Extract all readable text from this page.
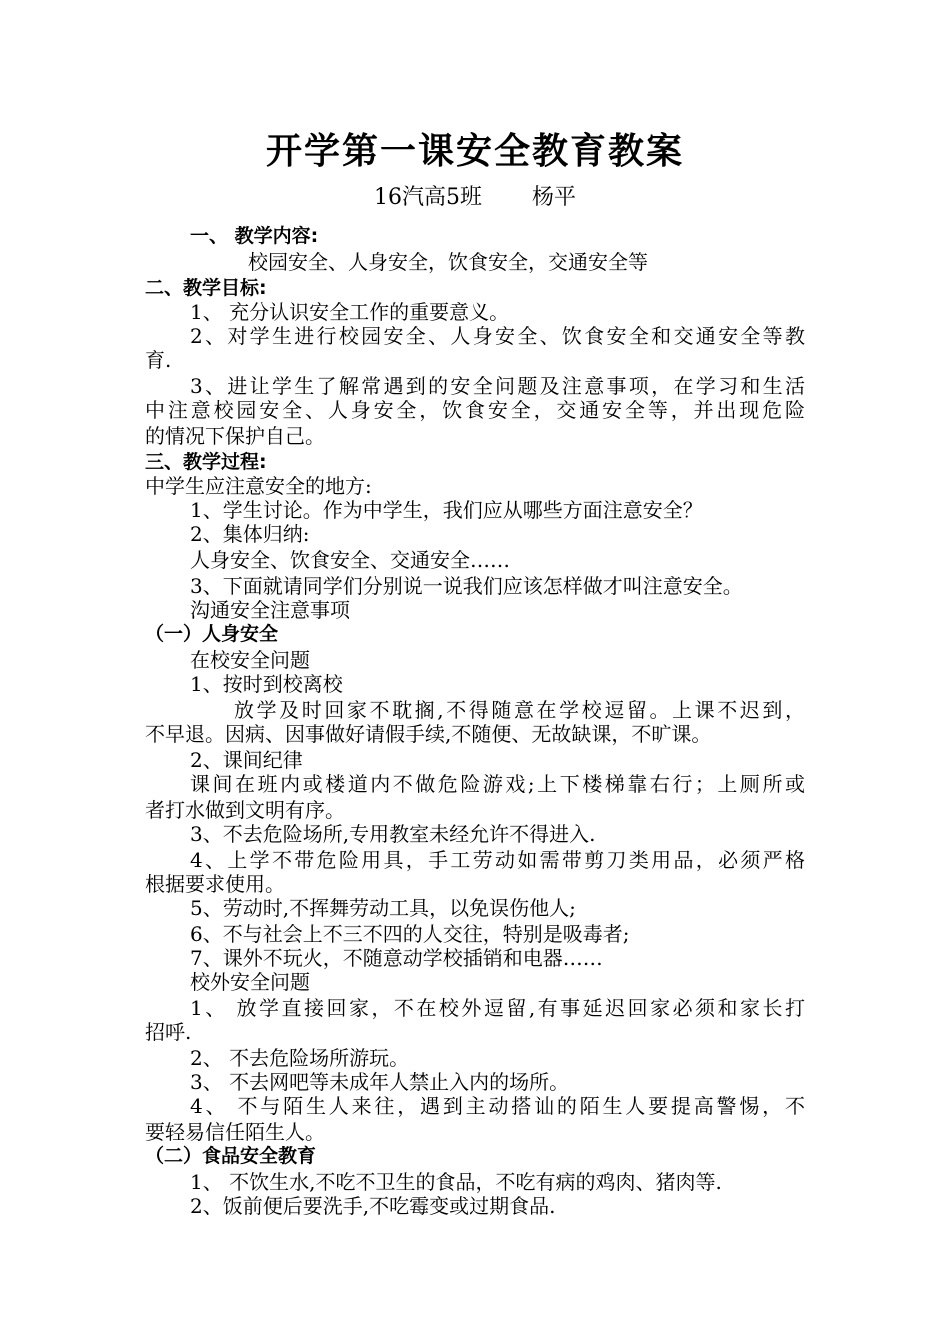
开学第一课安全教育教案
16汽高5班 杨平
一、 教学内容:
校园安全、人身安全，饮食安全，交通安全等
二、教学目标:
1、 充分认识安全工作的重要意义。
2、对学生进行校园安全、人身安全、饮食安全和交通安全等教
育.
3、进让学生了解常遇到的安全问题及注意事项，在学习和生活
中注意校园安全、人身安全，饮食安全，交通安全等，并出现危险
的情况下保护自己。
三、教学过程:
中学生应注意安全的地方:
1、学生讨论。作为中学生，我们应从哪些方面注意安全？
2、集体归纳:
人身安全、饮食安全、交通安全……
3、下面就请同学们分别说一说我们应该怎样做才叫注意安全。
沟通安全注意事项
（一）人身安全
在校安全问题
1、按时到校离校
放学及时回家不耽搁,不得随意在学校逗留。上课不迟到，
不早退。因病、因事做好请假手续,不随便、无故缺课，不旷课。
2、课间纪律
课间在班内或楼道内不做危险游戏;上下楼梯靠右行；上厕所或
者打水做到文明有序。
3、不去危险场所,专用教室未经允许不得进入.
4、上学不带危险用具，手工劳动如需带剪刀类用品，必须严格
根据要求使用。
5、劳动时,不挥舞劳动工具，以免误伤他人;
6、不与社会上不三不四的人交往，特别是吸毒者;
7、课外不玩火，不随意动学校插销和电器……
校外安全问题
1、 放学直接回家，不在校外逗留,有事延迟回家必须和家长打
招呼.
2、 不去危险场所游玩。
3、 不去网吧等未成年人禁止入内的场所。
4、 不与陌生人来往，遇到主动搭讪的陌生人要提高警惕，不
要轻易信任陌生人。
（二）食品安全教育
1、 不饮生水,不吃不卫生的食品，不吃有病的鸡肉、猪肉等.
2、饭前便后要洗手,不吃霉变或过期食品.
